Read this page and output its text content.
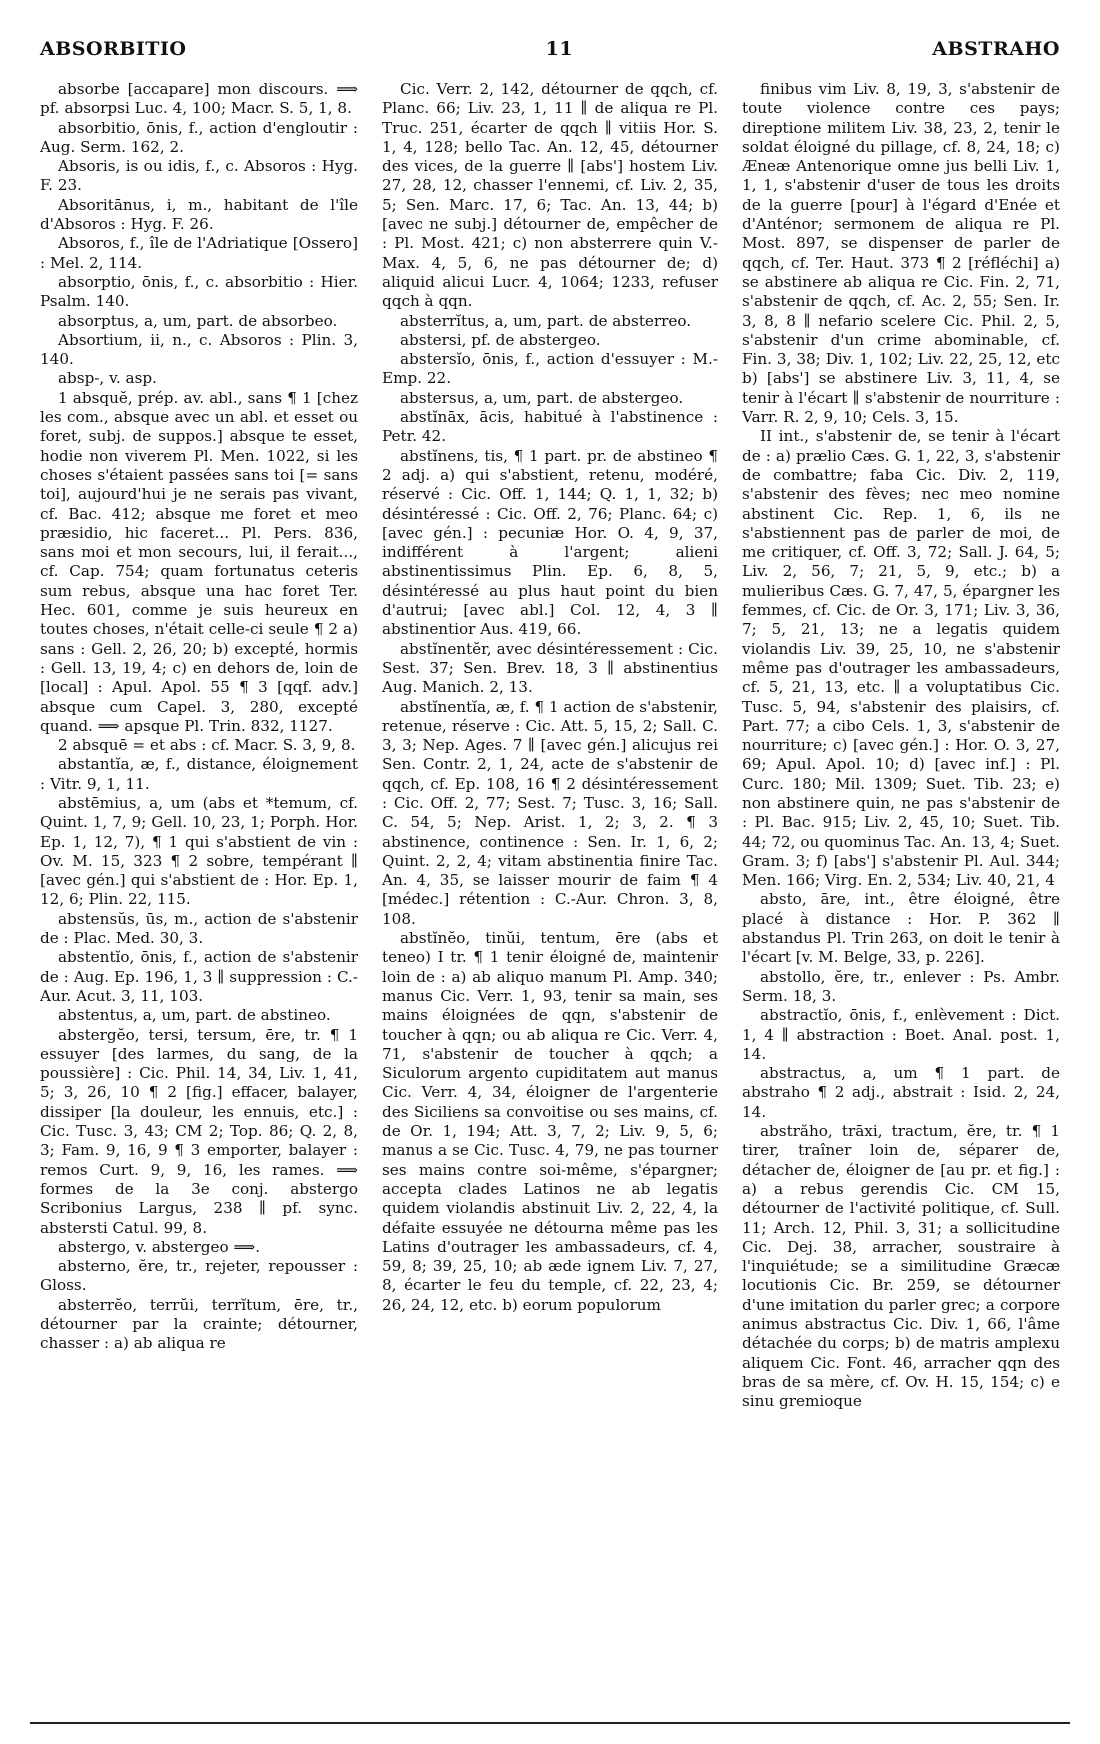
ABSORBITIO	11	ABSTRAHO

absorbe [accapare] mon discours. ⟹ pf. absorpsi Luc. 4, 100; Macr. S. 5, 1, 8.

absorbitio, ōnis, f., action d'engloutir : Aug. Serm. 162, 2.

Absoris, is ou idis, f., c. Absoros : Hyg. F. 23.

Absoritānus, i, m., habitant de l'île d'Absoros : Hyg. F. 26.

Absoros, f., île de l'Adriatique [Ossero] : Mel. 2, 114.

absorptio, ōnis, f., c. absorbitio : Hier. Psalm. 140.

absorptus, a, um, part. de absorbeo.

Absortium, ii, n., c. Absoros : Plin. 3, 140.

absp-, v. asp.

1 absquĕ, prép. av. abl., sans ¶ 1 [chez les com., absque avec un abl. et esset ou foret, subj. de suppos.] absque te esset, hodie non viverem Pl. Men. 1022, si les choses s'étaient passées sans toi [= sans toi], aujourd'hui je ne serais pas vivant, cf. Bac. 412; absque me foret et meo præsidio, hic faceret... Pl. Pers. 836, sans moi et mon secours, lui, il ferait..., cf. Cap. 754; quam fortunatus ceteris sum rebus, absque una hac foret Ter. Hec. 601, comme je suis heureux en toutes choses, n'était celle-ci seule ¶ 2 a) sans : Gell. 2, 26, 20; b) excepté, hormis : Gell. 13, 19, 4; c) en dehors de, loin de [local] : Apul. Apol. 55 ¶ 3 [qqf. adv.] absque cum Capel. 3, 280, excepté quand. ⟹ apsque Pl. Trin. 832, 1127.

2 absquē = et abs : cf. Macr. S. 3, 9, 8.

abstantĭa, æ, f., distance, éloignement : Vitr. 9, 1, 11.

abstēmius, a, um (abs et *temum, cf. Quint. 1, 7, 9; Gell. 10, 23, 1; Porph. Hor. Ep. 1, 12, 7), ¶ 1 qui s'abstient de vin : Ov. M. 15, 323 ¶ 2 sobre, tempérant ∥ [avec gén.] qui s'abstient de : Hor. Ep. 1, 12, 6; Plin. 22, 115.

abstensŭs, ūs, m., action de s'abstenir de : Plac. Med. 30, 3.

abstentĭo, ōnis, f., action de s'abstenir de : Aug. Ep. 196, 1, 3 ∥ suppression : C.-Aur. Acut. 3, 11, 103.

abstentus, a, um, part. de abstineo.

abstergĕo, tersi, tersum, ēre, tr. ¶ 1 essuyer [des larmes, du sang, de la poussière] : Cic. Phil. 14, 34, Liv. 1, 41, 5; 3, 26, 10 ¶ 2 [fig.] effacer, balayer, dissiper [la douleur, les ennuis, etc.] : Cic. Tusc. 3, 43; CM 2; Top. 86; Q. 2, 8, 3; Fam. 9, 16, 9 ¶ 3 emporter, balayer : remos Curt. 9, 9, 16, les rames. ⟹ formes de la 3e conj. abstergo Scribonius Largus, 238 ∥ pf. sync. abstersti Catul. 99, 8.

abstergo, v. abstergeo ⟹.

absterno, ĕre, tr., rejeter, repousser : Gloss.

absterrĕo, terrŭi, terrĭtum, ēre, tr., détourner par la crainte; détourner, chasser : a) ab aliqua re

Cic. Verr. 2, 142, détourner de qqch, cf. Planc. 66; Liv. 23, 1, 11 ∥ de aliqua re Pl. Truc. 251, écarter de qqch ∥ vitiis Hor. S. 1, 4, 128; bello Tac. An. 12, 45, détourner des vices, de la guerre ∥ [abs'] hostem Liv. 27, 28, 12, chasser l'ennemi, cf. Liv. 2, 35, 5; Sen. Marc. 17, 6; Tac. An. 13, 44; b) [avec ne subj.] détourner de, empêcher de : Pl. Most. 421; c) non absterrere quin V.-Max. 4, 5, 6, ne pas détourner de; d) aliquid alicui Lucr. 4, 1064; 1233, refuser qqch à qqn.

absterrĭtus, a, um, part. de absterreo.

abstersi, pf. de abstergeo.

abstersĭo, ōnis, f., action d'essuyer : M.-Emp. 22.

abstersus, a, um, part. de abstergeo.

abstĭnāx, ācis, habitué à l'abstinence : Petr. 42.

abstĭnens, tis, ¶ 1 part. pr. de abstineo ¶ 2 adj. a) qui s'abstient, retenu, modéré, réservé : Cic. Off. 1, 144; Q. 1, 1, 32; b) désintéressé : Cic. Off. 2, 76; Planc. 64; c) [avec gén.] : pecuniæ Hor. O. 4, 9, 37, indifférent à l'argent; alieni abstinentissimus Plin. Ep. 6, 8, 5, désintéressé au plus haut point du bien d'autrui; [avec abl.] Col. 12, 4, 3 ∥ abstinentior Aus. 419, 66.

abstĭnentĕr, avec désintéressement : Cic. Sest. 37; Sen. Brev. 18, 3 ∥ abstinentius Aug. Manich. 2, 13.

abstĭnentĭa, æ, f. ¶ 1 action de s'abstenir, retenue, réserve : Cic. Att. 5, 15, 2; Sall. C. 3, 3; Nep. Ages. 7 ∥ [avec gén.] alicujus rei Sen. Contr. 2, 1, 24, acte de s'abstenir de qqch, cf. Ep. 108, 16 ¶ 2 désintéressement : Cic. Off. 2, 77; Sest. 7; Tusc. 3, 16; Sall. C. 54, 5; Nep. Arist. 1, 2; 3, 2. ¶ 3 abstinence, continence : Sen. Ir. 1, 6, 2; Quint. 2, 2, 4; vitam abstinentia finire Tac. An. 4, 35, se laisser mourir de faim ¶ 4 [médec.] rétention : C.-Aur. Chron. 3, 8, 108.

abstĭnĕo, tinŭi, tentum, ēre (abs et teneo) I tr. ¶ 1 tenir éloigné de, maintenir loin de : a) ab aliquo manum Pl. Amp. 340; manus Cic. Verr. 1, 93, tenir sa main, ses mains éloignées de qqn, s'abstenir de toucher à qqn; ou ab aliqua re Cic. Verr. 4, 71, s'abstenir de toucher à qqch; a Siculorum argento cupiditatem aut manus Cic. Verr. 4, 34, éloigner de l'argenterie des Siciliens sa convoitise ou ses mains, cf. de Or. 1, 194; Att. 3, 7, 2; Liv. 9, 5, 6; manus a se Cic. Tusc. 4, 79, ne pas tourner ses mains contre soi-même, s'épargner; accepta clades Latinos ne ab legatis quidem violandis abstinuit Liv. 2, 22, 4, la défaite essuyée ne détourna même pas les Latins d'outrager les ambassadeurs, cf. 4, 59, 8; 39, 25, 10; ab æde ignem Liv. 7, 27, 8, écarter le feu du temple, cf. 22, 23, 4; 26, 24, 12, etc. b) eorum populorum

finibus vim Liv. 8, 19, 3, s'abstenir de toute violence contre ces pays; direptione militem Liv. 38, 23, 2, tenir le soldat éloigné du pillage, cf. 8, 24, 18; c) Æneæ Antenorique omne jus belli Liv. 1, 1, 1, s'abstenir d'user de tous les droits de la guerre [pour] à l'égard d'Enée et d'Anténor; sermonem de aliqua re Pl. Most. 897, se dispenser de parler de qqch, cf. Ter. Haut. 373 ¶ 2 [réfléchi] a) se abstinere ab aliqua re Cic. Fin. 2, 71, s'abstenir de qqch, cf. Ac. 2, 55; Sen. Ir. 3, 8, 8 ∥ nefario scelere Cic. Phil. 2, 5, s'abstenir d'un crime abominable, cf. Fin. 3, 38; Div. 1, 102; Liv. 22, 25, 12, etc b) [abs'] se abstinere Liv. 3, 11, 4, se tenir à l'écart ∥ s'abstenir de nourriture : Varr. R. 2, 9, 10; Cels. 3, 15.

II int., s'abstenir de, se tenir à l'écart de : a) prælio Cæs. G. 1, 22, 3, s'abstenir de combattre; faba Cic. Div. 2, 119, s'abstenir des fèves; nec meo nomine abstinent Cic. Rep. 1, 6, ils ne s'abstiennent pas de parler de moi, de me critiquer, cf. Off. 3, 72; Sall. J. 64, 5; Liv. 2, 56, 7; 21, 5, 9, etc.; b) a mulieribus Cæs. G. 7, 47, 5, épargner les femmes, cf. Cic. de Or. 3, 171; Liv. 3, 36, 7; 5, 21, 13; ne a legatis quidem violandis Liv. 39, 25, 10, ne s'abstenir même pas d'outrager les ambassadeurs, cf. 5, 21, 13, etc. ∥ a voluptatibus Cic. Tusc. 5, 94, s'abstenir des plaisirs, cf. Part. 77; a cibo Cels. 1, 3, s'abstenir de nourriture; c) [avec gén.] : Hor. O. 3, 27, 69; Apul. Apol. 10; d) [avec inf.] : Pl. Curc. 180; Mil. 1309; Suet. Tib. 23; e) non abstinere quin, ne pas s'abstenir de : Pl. Bac. 915; Liv. 2, 45, 10; Suet. Tib. 44; 72, ou quominus Tac. An. 13, 4; Suet. Gram. 3; f) [abs'] s'abstenir Pl. Aul. 344; Men. 166; Virg. En. 2, 534; Liv. 40, 21, 4

absto, āre, int., être éloigné, être placé à distance : Hor. P. 362 ∥ abstandus Pl. Trin 263, on doit le tenir à l'écart [v. M. Belge, 33, p. 226].

abstollo, ĕre, tr., enlever : Ps. Ambr. Serm. 18, 3.

abstractĭo, ōnis, f., enlèvement : Dict. 1, 4 ∥ abstraction : Boet. Anal. post. 1, 14.

abstractus, a, um ¶ 1 part. de abstraho ¶ 2 adj., abstrait : Isid. 2, 24, 14.

abstrăho, trāxi, tractum, ĕre, tr. ¶ 1 tirer, traîner loin de, séparer de, détacher de, éloigner de [au pr. et fig.] : a) a rebus gerendis Cic. CM 15, détourner de l'activité politique, cf. Sull. 11; Arch. 12, Phil. 3, 31; a sollicitudine Cic. Dej. 38, arracher, soustraire à l'inquiétude; se a similitudine Græcæ locutionis Cic. Br. 259, se détourner d'une imitation du parler grec; a corpore animus abstractus Cic. Div. 1, 66, l'âme détachée du corps; b) de matris amplexu aliquem Cic. Font. 46, arracher qqn des bras de sa mère, cf. Ov. H. 15, 154; c) e sinu gremioque
